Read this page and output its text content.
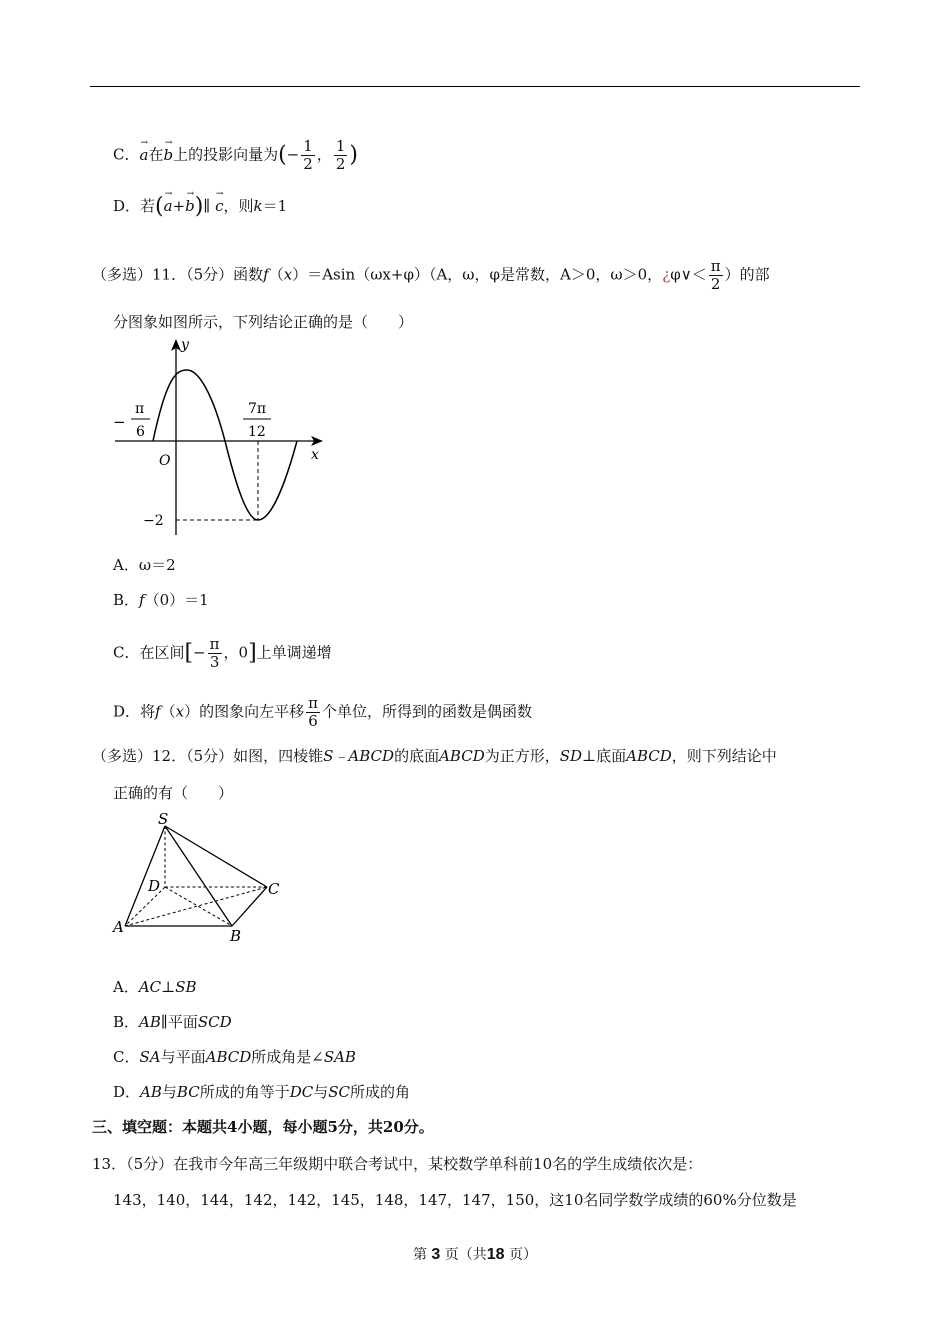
C．→ a在→ b上的投影向量为(− $\frac{1}{2}$ ， $\frac{1}{2}$ )
D．若(→ a+→ b)∥ → c，则k＝1
（多选）11．（5分）函数f（x）＝Asin（ωx+φ）（A，ω，φ是常数，A＞0，ω＞0，¿φ∨＜ $\frac{\pi}{2}$ ）的部
分图象如图所示，下列结论正确的是（　　）
y
x
O
−
π
6
7π
12
−2
A．ω＝2
B．f（0）＝1
C．在区间[− $\frac{\pi}{3}$ ，0]上单调递增
D．将f（x）的图象向左平移 $\frac{\pi}{6}$ 个单位，所得到的函数是偶函数
（多选）12．（5分）如图，四棱锥S﹣ABCD的底面ABCD为正方形，SD⊥底面ABCD，则下列结论中
正确的有（　　）
S
D	C
A	B
A．AC⊥SB
B．AB∥平面SCD
C．SA与平面ABCD所成角是∠SAB
D．AB与BC所成的角等于DC与SC所成的角
三、填空题：本题共4小题，每小题5分，共20分。
13．（5分）在我市今年高三年级期中联合考试中，某校数学单科前10名的学生成绩依次是：
143，140，144，142，142，145，148，147，147，150，这10名同学数学成绩的60%分位数是
第 3 页（共18 页）
